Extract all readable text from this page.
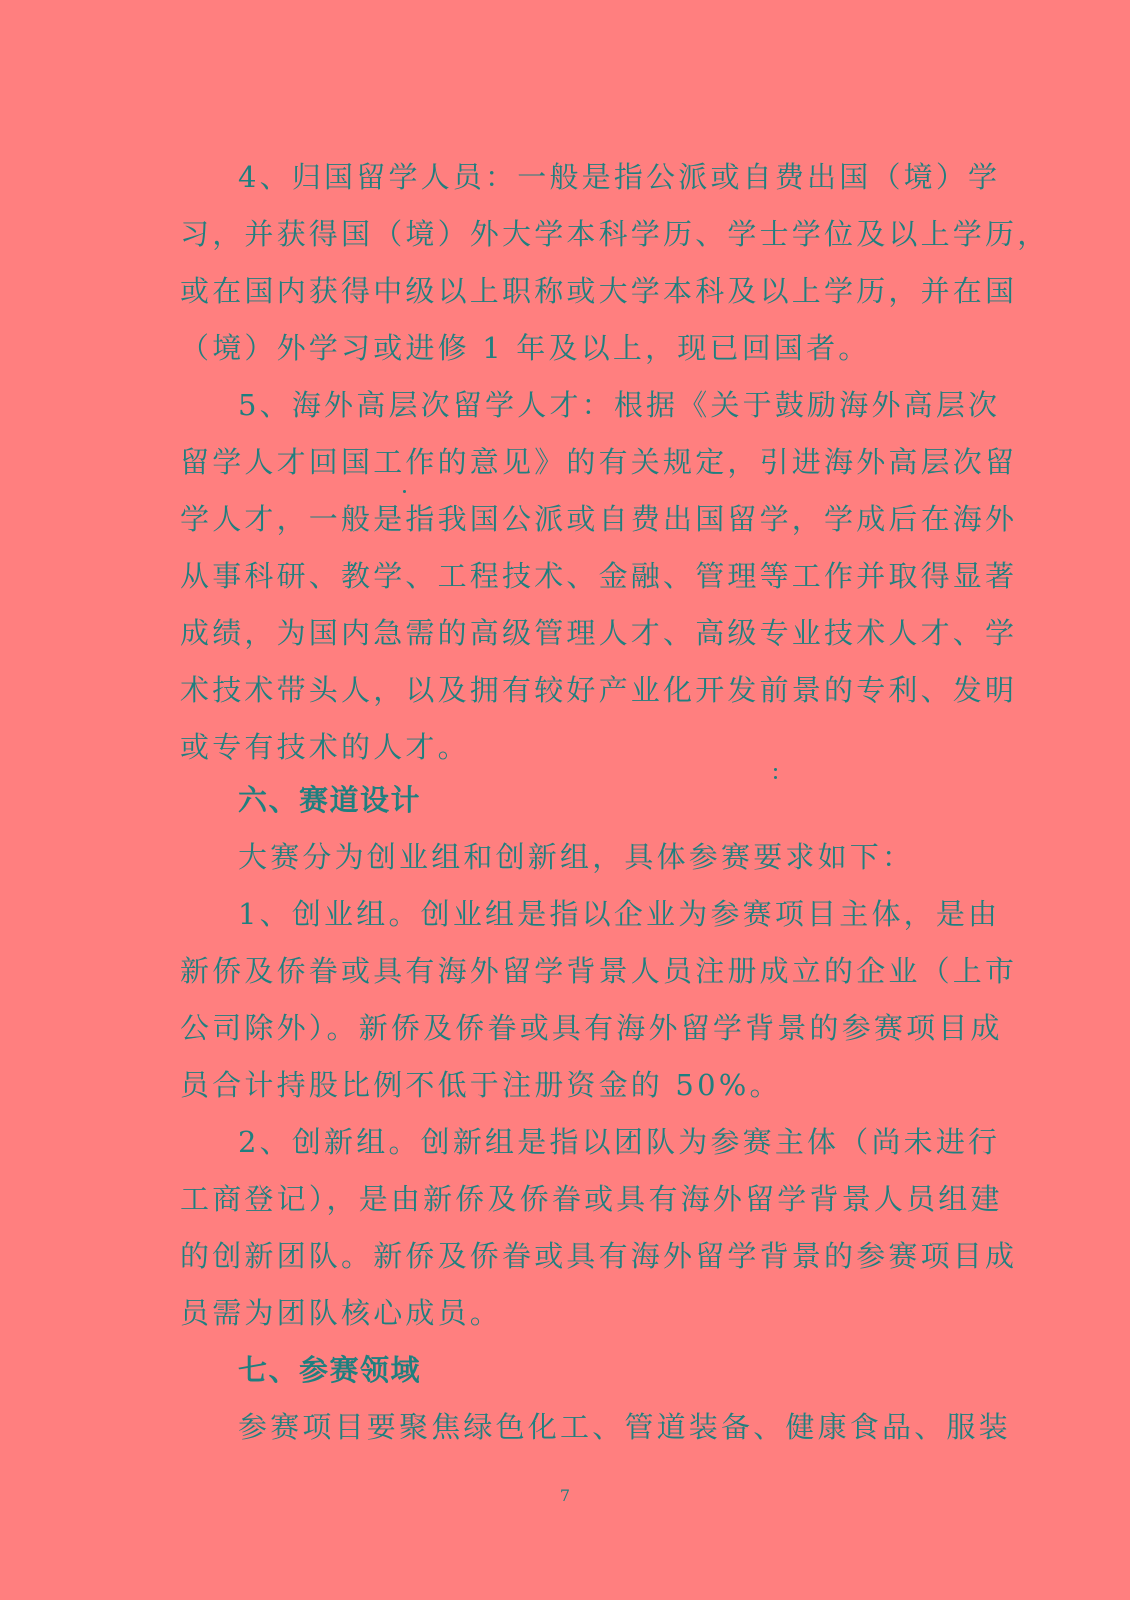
4、归国留学人员：一般是指公派或自费出国（境）学
习，并获得国（境）外大学本科学历、学士学位及以上学历，
或在国内获得中级以上职称或大学本科及以上学历，并在国
（境）外学习或进修 1 年及以上，现已回国者。
5、海外高层次留学人才：根据《关于鼓励海外高层次
留学人才回国工作的意见》的有关规定，引进海外高层次留
学人才，一般是指我国公派或自费出国留学，学成后在海外
从事科研、教学、工程技术、金融、管理等工作并取得显著
成绩，为国内急需的高级管理人才、高级专业技术人才、学
术技术带头人，以及拥有较好产业化开发前景的专利、发明
或专有技术的人才。
六、赛道设计
大赛分为创业组和创新组，具体参赛要求如下：
1、创业组。创业组是指以企业为参赛项目主体，是由
新侨及侨眷或具有海外留学背景人员注册成立的企业（上市
公司除外）。新侨及侨眷或具有海外留学背景的参赛项目成
员合计持股比例不低于注册资金的 50%。
2、创新组。创新组是指以团队为参赛主体（尚未进行
工商登记），是由新侨及侨眷或具有海外留学背景人员组建
的创新团队。新侨及侨眷或具有海外留学背景的参赛项目成
员需为团队核心成员。
七、参赛领域
参赛项目要聚焦绿色化工、管道装备、健康食品、服装
7
